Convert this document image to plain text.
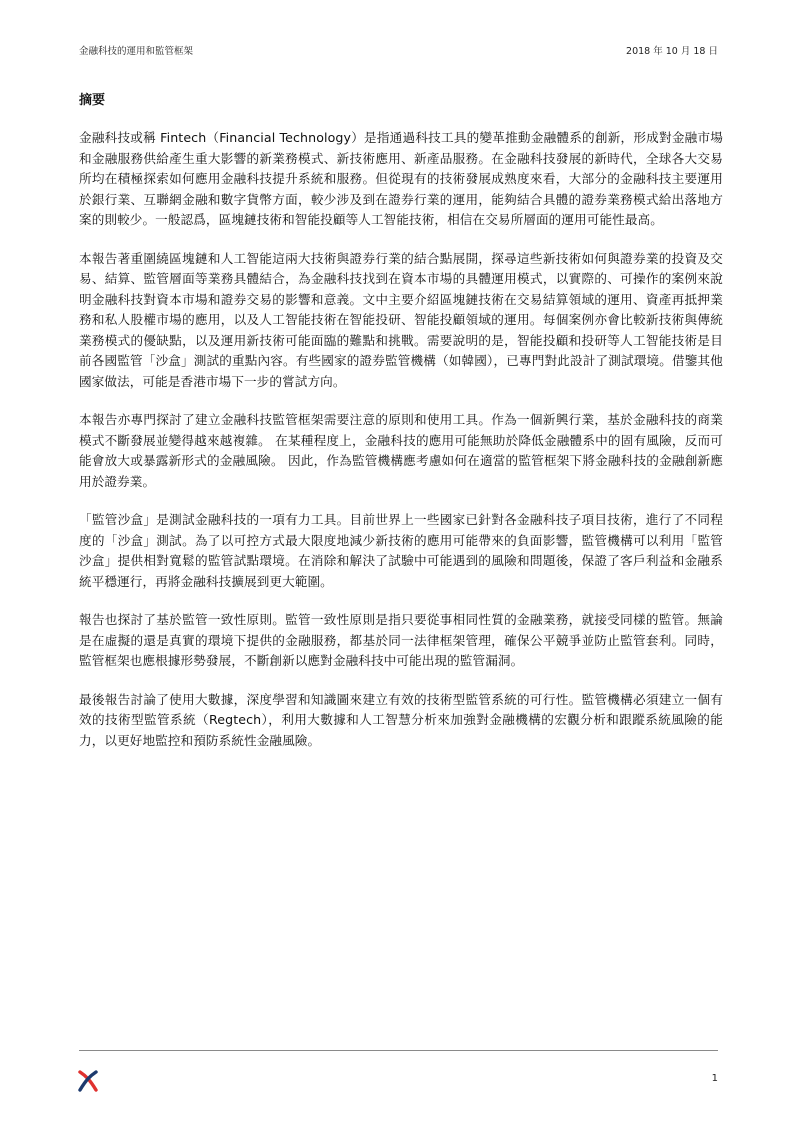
金融科技的運用和監管框架	2018 年 10 月 18 日
摘要

金融科技或稱 Fintech（Financial Technology）是指通過科技工具的變革推動金融體系的創新，形成對金融市場和金融服務供給產生重大影響的新業務模式、新技術應用、新產品服務。在金融科技發展的新時代，全球各大交易所均在積極探索如何應用金融科技提升系統和服務。但從現有的技術發展成熟度來看，大部分的金融科技主要運用於銀行業、互聯網金融和數字貨幣方面，較少涉及到在證券行業的運用，能夠結合具體的證券業務模式給出落地方案的則較少。一般認爲，區塊鏈技術和智能投顧等人工智能技術，相信在交易所層面的運用可能性最高。

本報告著重圍繞區塊鏈和人工智能這兩大技術與證券行業的結合點展開，探尋這些新技術如何與證券業的投資及交易、結算、監管層面等業務具體結合，為金融科技找到在資本市場的具體運用模式，以實際的、可操作的案例來說明金融科技對資本市場和證券交易的影響和意義。文中主要介紹區塊鏈技術在交易結算領域的運用、資產再抵押業務和私人股權市場的應用，以及人工智能技術在智能投研、智能投顧領域的運用。每個案例亦會比較新技術與傳統業務模式的優缺點，以及運用新技術可能面臨的難點和挑戰。需要說明的是，智能投顧和投研等人工智能技術是目前各國監管「沙盒」測試的重點內容。有些國家的證券監管機構（如韓國），已專門對此設計了測試環境。借鑒其他國家做法，可能是香港市場下一步的嘗試方向。

本報告亦專門探討了建立金融科技監管框架需要注意的原則和使用工具。作為一個新興行業，基於金融科技的商業模式不斷發展並變得越來越複雜。 在某種程度上，金融科技的應用可能無助於降低金融體系中的固有風險，反而可能會放大或暴露新形式的金融風險。 因此，作為監管機構應考慮如何在適當的監管框架下將金融科技的金融創新應用於證券業。

「監管沙盒」是測試金融科技的一項有力工具。目前世界上一些國家已針對各金融科技子項目技術，進行了不同程度的「沙盒」測試。為了以可控方式最大限度地減少新技術的應用可能帶來的負面影響，監管機構可以利用「監管沙盒」提供相對寬鬆的監管試點環境。在消除和解決了試驗中可能遇到的風險和問題後，保證了客戶利益和金融系統平穩運行，再將金融科技擴展到更大範圍。

報告也探討了基於監管一致性原則。監管一致性原則是指只要從事相同性質的金融業務，就接受同樣的監管。無論是在虛擬的還是真實的環境下提供的金融服務，都基於同一法律框架管理，確保公平競爭並防止監管套利。同時，監管框架也應根據形勢發展，不斷創新以應對金融科技中可能出現的監管漏洞。

最後報告討論了使用大數據，深度學習和知識圖來建立有效的技術型監管系統的可行性。監管機構必須建立一個有效的技術型監管系統（Regtech），利用大數據和人工智慧分析來加強對金融機構的宏觀分析和跟蹤系統風險的能力，以更好地監控和預防系統性金融風險。

1
